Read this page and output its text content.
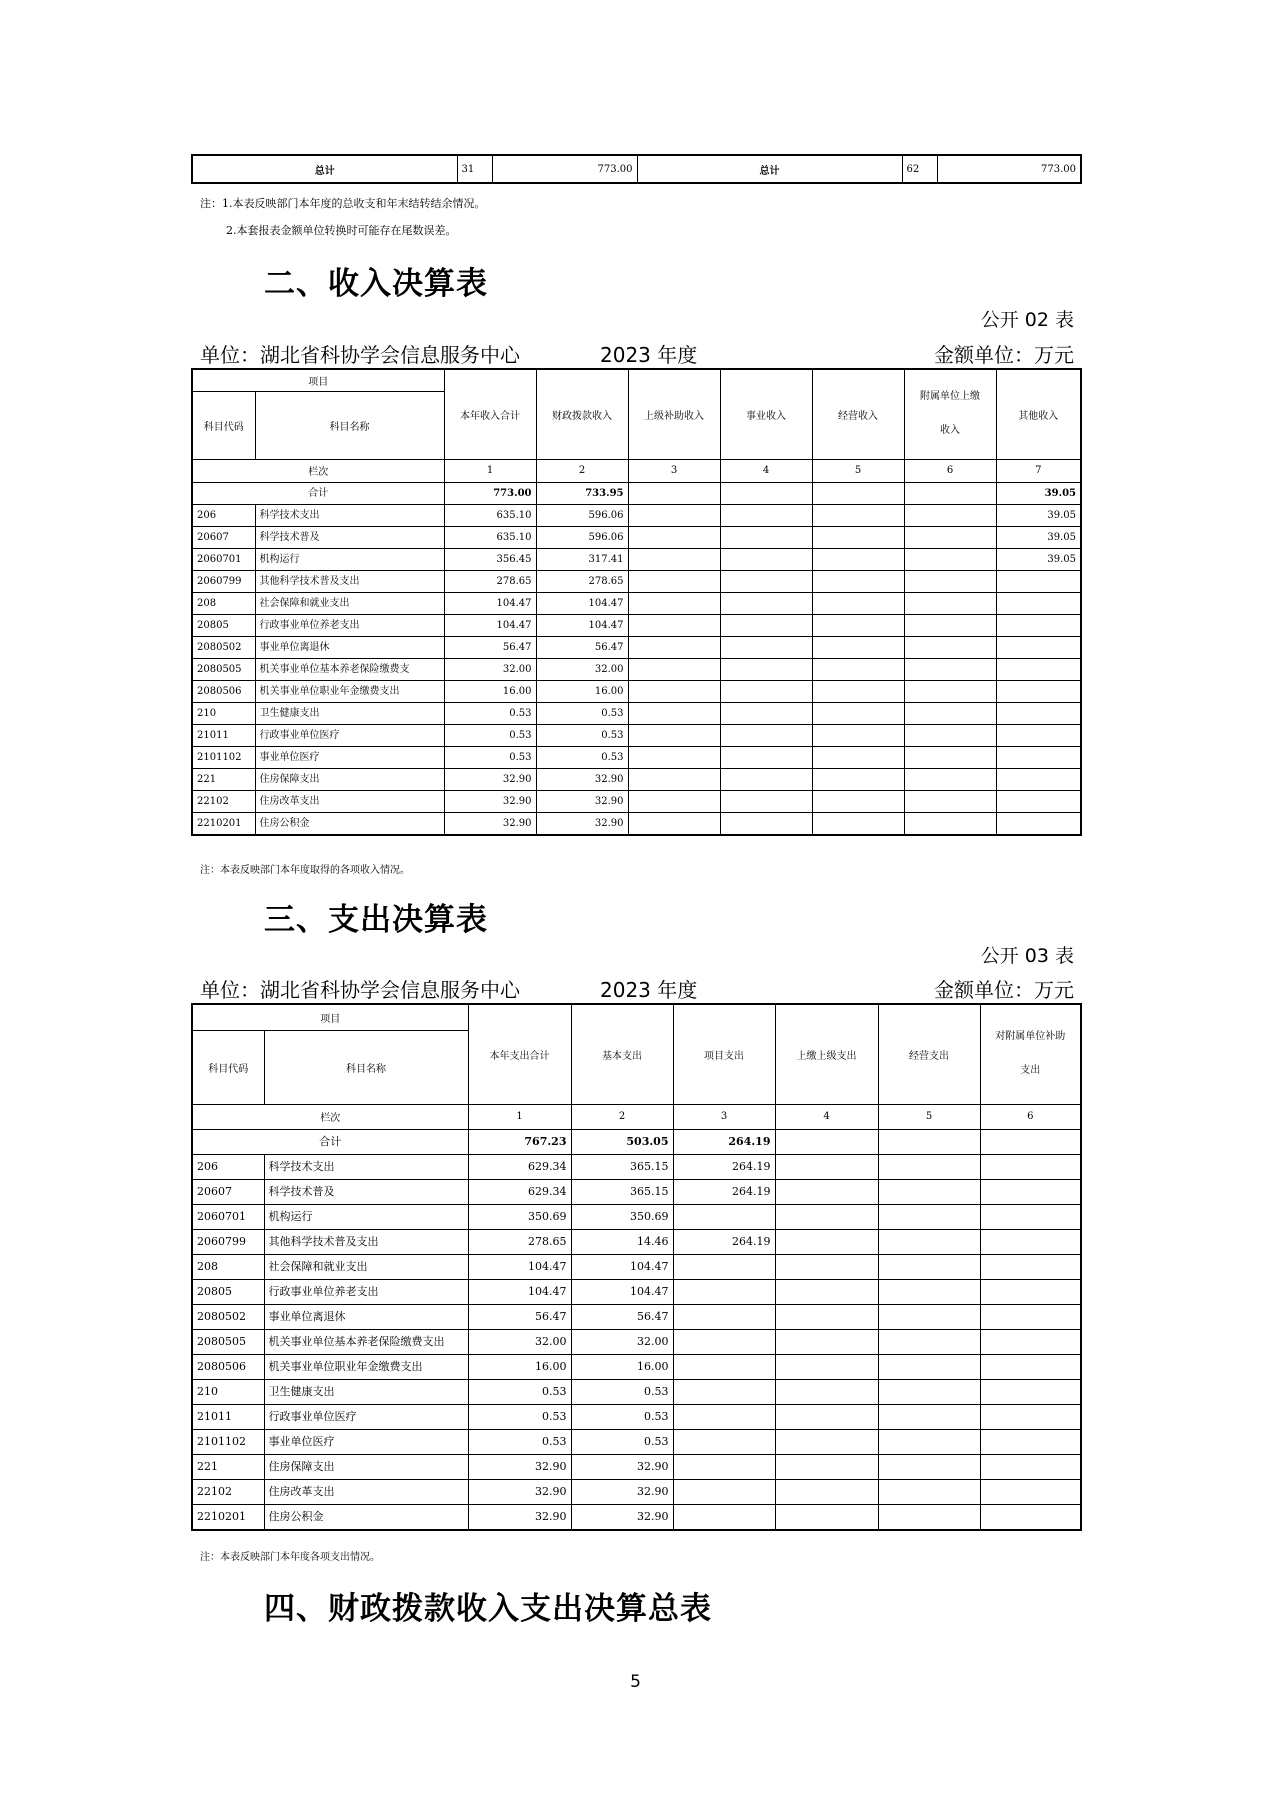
总计	31	773.00	总计	62	773.00
注：1.本表反映部门本年度的总收支和年末结转结余情况。
2.本套报表金额单位转换时可能存在尾数误差。
二、收入决算表
公开 02 表
单位：湖北省科协学会信息服务中心	2023 年度	金额单位：万元
项目		本年收入合计	财政拨款收入	上级补助收入	事业收入	经营收入	附属单位上缴收入	其他收入
科目代码	科目名称							
栏次		1	2	3	4	5	6	7
合计		773.00	733.95					39.05
206	科学技术支出	635.10	596.06					39.05
20607	科学技术普及	635.10	596.06					39.05
2060701	机构运行	356.45	317.41					39.05
2060799	其他科学技术普及支出	278.65	278.65					
208	社会保障和就业支出	104.47	104.47					
20805	行政事业单位养老支出	104.47	104.47					
2080502	事业单位离退休	56.47	56.47					
2080505	机关事业单位基本养老保险缴费支	32.00	32.00					
2080506	机关事业单位职业年金缴费支出	16.00	16.00					
210	卫生健康支出	0.53	0.53					
21011	行政事业单位医疗	0.53	0.53					
2101102	事业单位医疗	0.53	0.53					
221	住房保障支出	32.90	32.90					
22102	住房改革支出	32.90	32.90					
2210201	住房公积金	32.90	32.90					
注：本表反映部门本年度取得的各项收入情况。
三、支出决算表
公开 03 表
单位：湖北省科协学会信息服务中心	2023 年度	金额单位：万元
项目		本年支出合计	基本支出	项目支出	上缴上级支出	经营支出	对附属单位补助支出
科目代码	科目名称						
栏次		1	2	3	4	5	6
合计		767.23	503.05	264.19			
206	科学技术支出	629.34	365.15	264.19			
20607	科学技术普及	629.34	365.15	264.19			
2060701	机构运行	350.69	350.69				
2060799	其他科学技术普及支出	278.65	14.46	264.19			
208	社会保障和就业支出	104.47	104.47				
20805	行政事业单位养老支出	104.47	104.47				
2080502	事业单位离退休	56.47	56.47				
2080505	机关事业单位基本养老保险缴费支出	32.00	32.00				
2080506	机关事业单位职业年金缴费支出	16.00	16.00				
210	卫生健康支出	0.53	0.53				
21011	行政事业单位医疗	0.53	0.53				
2101102	事业单位医疗	0.53	0.53				
221	住房保障支出	32.90	32.90				
22102	住房改革支出	32.90	32.90				
2210201	住房公积金	32.90	32.90				
注：本表反映部门本年度各项支出情况。
四、财政拨款收入支出决算总表
5
